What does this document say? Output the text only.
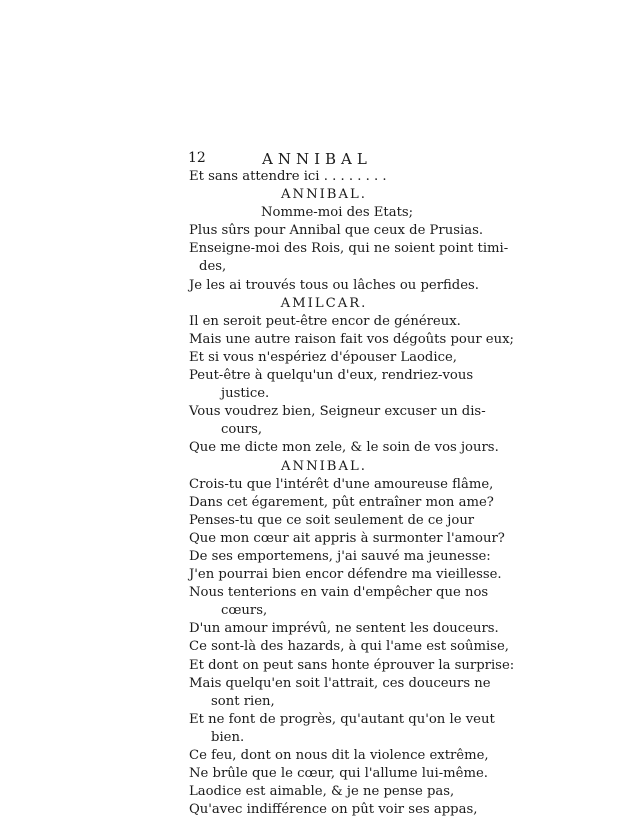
12	ANNIBAL
Et sans attendre ici . . . . . . . .
ANNIBAL.
Nomme-moi des Etats;
Plus sûrs pour Annibal que ceux de Prusias.
Enseigne-moi des Rois, qui ne soient point timi-
des,
Je les ai trouvés tous ou lâches ou perfides.
AMILCAR.
Il en seroit peut-être encor de généreux.
Mais une autre raison fait vos dégoûts pour eux;
Et si vous n'espériez d'épouser Laodice,
Peut-être à quelqu'un d'eux, rendriez-vous
justice.
Vous voudrez bien, Seigneur excuser un dis-
cours,
Que me dicte mon zele, & le soin de vos jours.
ANNIBAL.
Crois-tu que l'intérêt d'une amoureuse flâme,
Dans cet égarement, pût entraîner mon ame?
Penses-tu que ce soit seulement de ce jour
Que mon cœur ait appris à surmonter l'amour?
De ses emportemens, j'ai sauvé ma jeunesse:
J'en pourrai bien encor défendre ma vieillesse.
Nous tenterions en vain d'empêcher que nos
cœurs,
D'un amour imprévû, ne sentent les douceurs.
Ce sont-là des hazards, à qui l'ame est soûmise,
Et dont on peut sans honte éprouver la surprise:
Mais quelqu'en soit l'attrait, ces douceurs ne
sont rien,
Et ne font de progrès, qu'autant qu'on le veut
bien.
Ce feu, dont on nous dit la violence extrême,
Ne brûle que le cœur, qui l'allume lui-même.
Laodice est aimable, & je ne pense pas,
Qu'avec indifférence on pût voir ses appas,
